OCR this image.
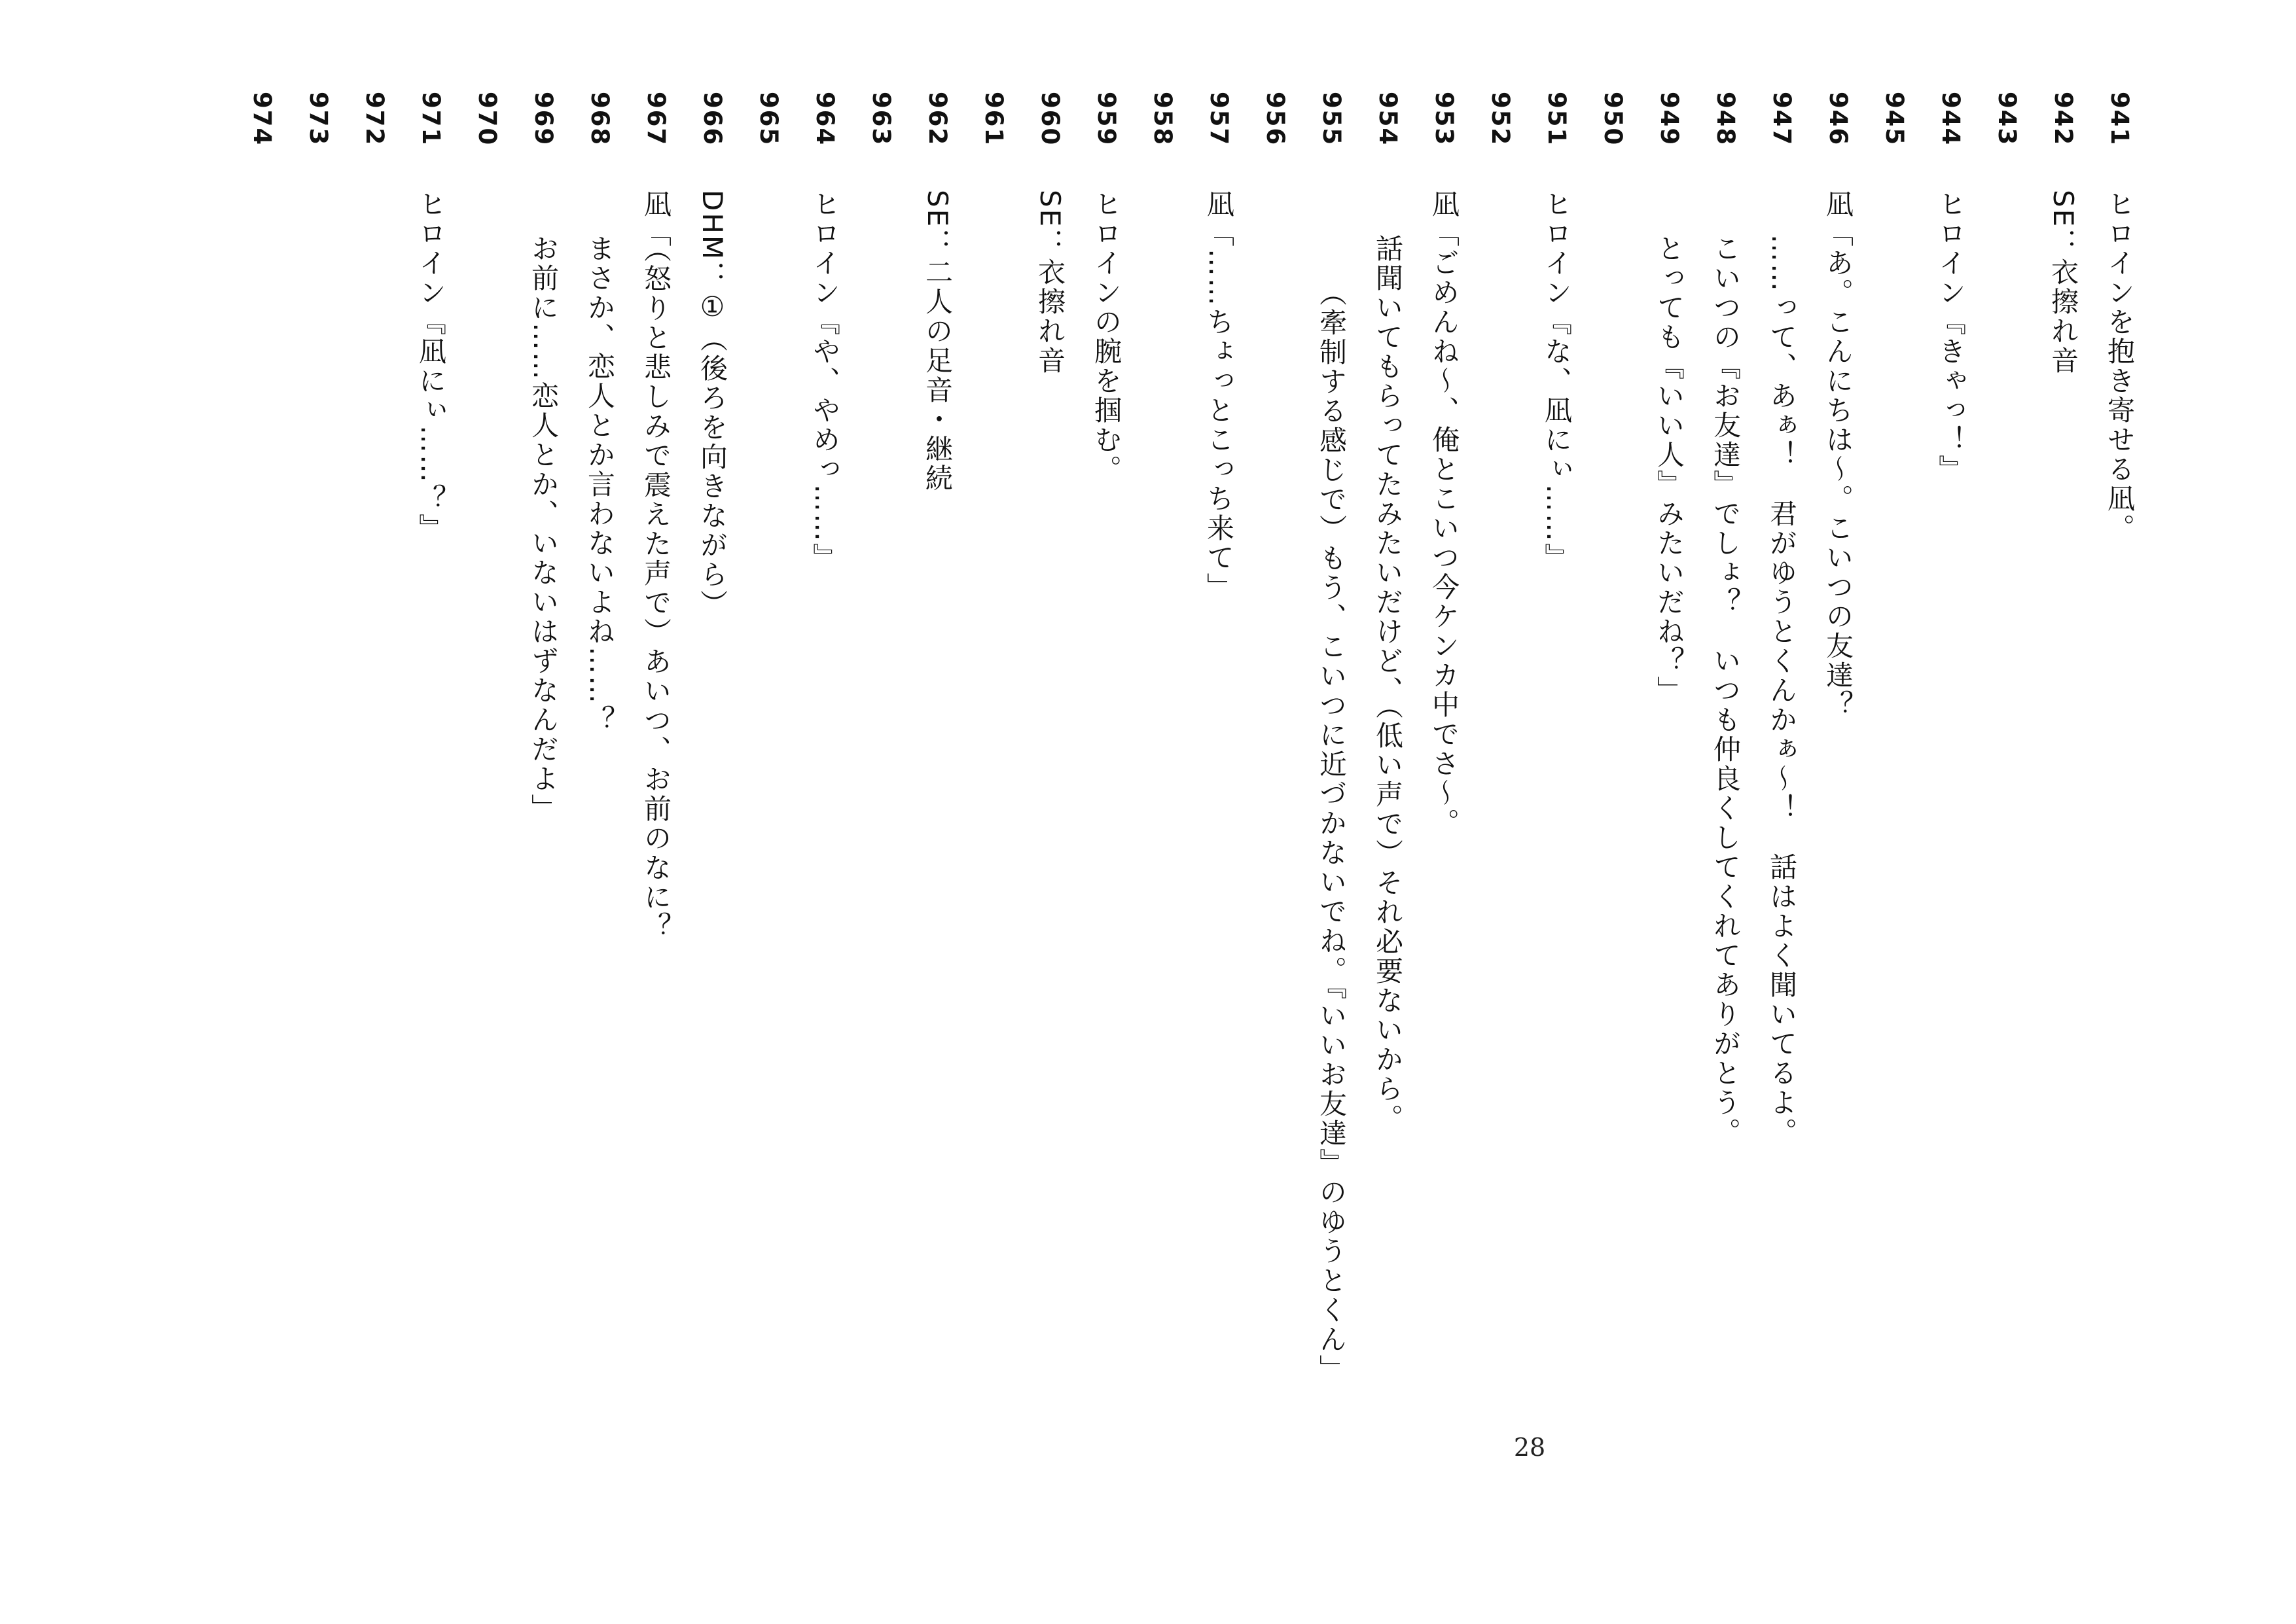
941
ヒロインを抱き寄せる凪。
942
SE：衣擦れ音
943
944
ヒロイン『きゃっ！』
945
946
凪「あ。こんにちは～。こいつの友達？
947
……って、あぁ！　君がゆうとくんかぁ～！　話はよく聞いてるよ。
948
こいつの『お友達』でしょ？　いつも仲良くしてくれてありがとう。
949
とっても『いい人』みたいだね？」
950
951
ヒロイン『な、凪にぃ……』
952
953
凪「ごめんね～、俺とこいつ今ケンカ中でさ～。
954
話聞いてもらってたみたいだけど、（低い声で）それ必要ないから。
955
（牽制する感じで）もう、こいつに近づかないでね。『いいお友達』のゆうとくん」
956
957
凪「……ちょっとこっち来て」
958
959
ヒロインの腕を掴む。
960
SE：衣擦れ音
961
962
SE：二人の足音・継続
963
964
ヒロイン『や、やめっ……』
965
966
DHM：①（後ろを向きながら）
967
凪「（怒りと悲しみで震えた声で）あいつ、お前のなに？
968
まさか、恋人とか言わないよね……？
969
お前に……恋人とか、いないはずなんだよ」
970
971
ヒロイン『凪にぃ……？』
972
973
974
28
